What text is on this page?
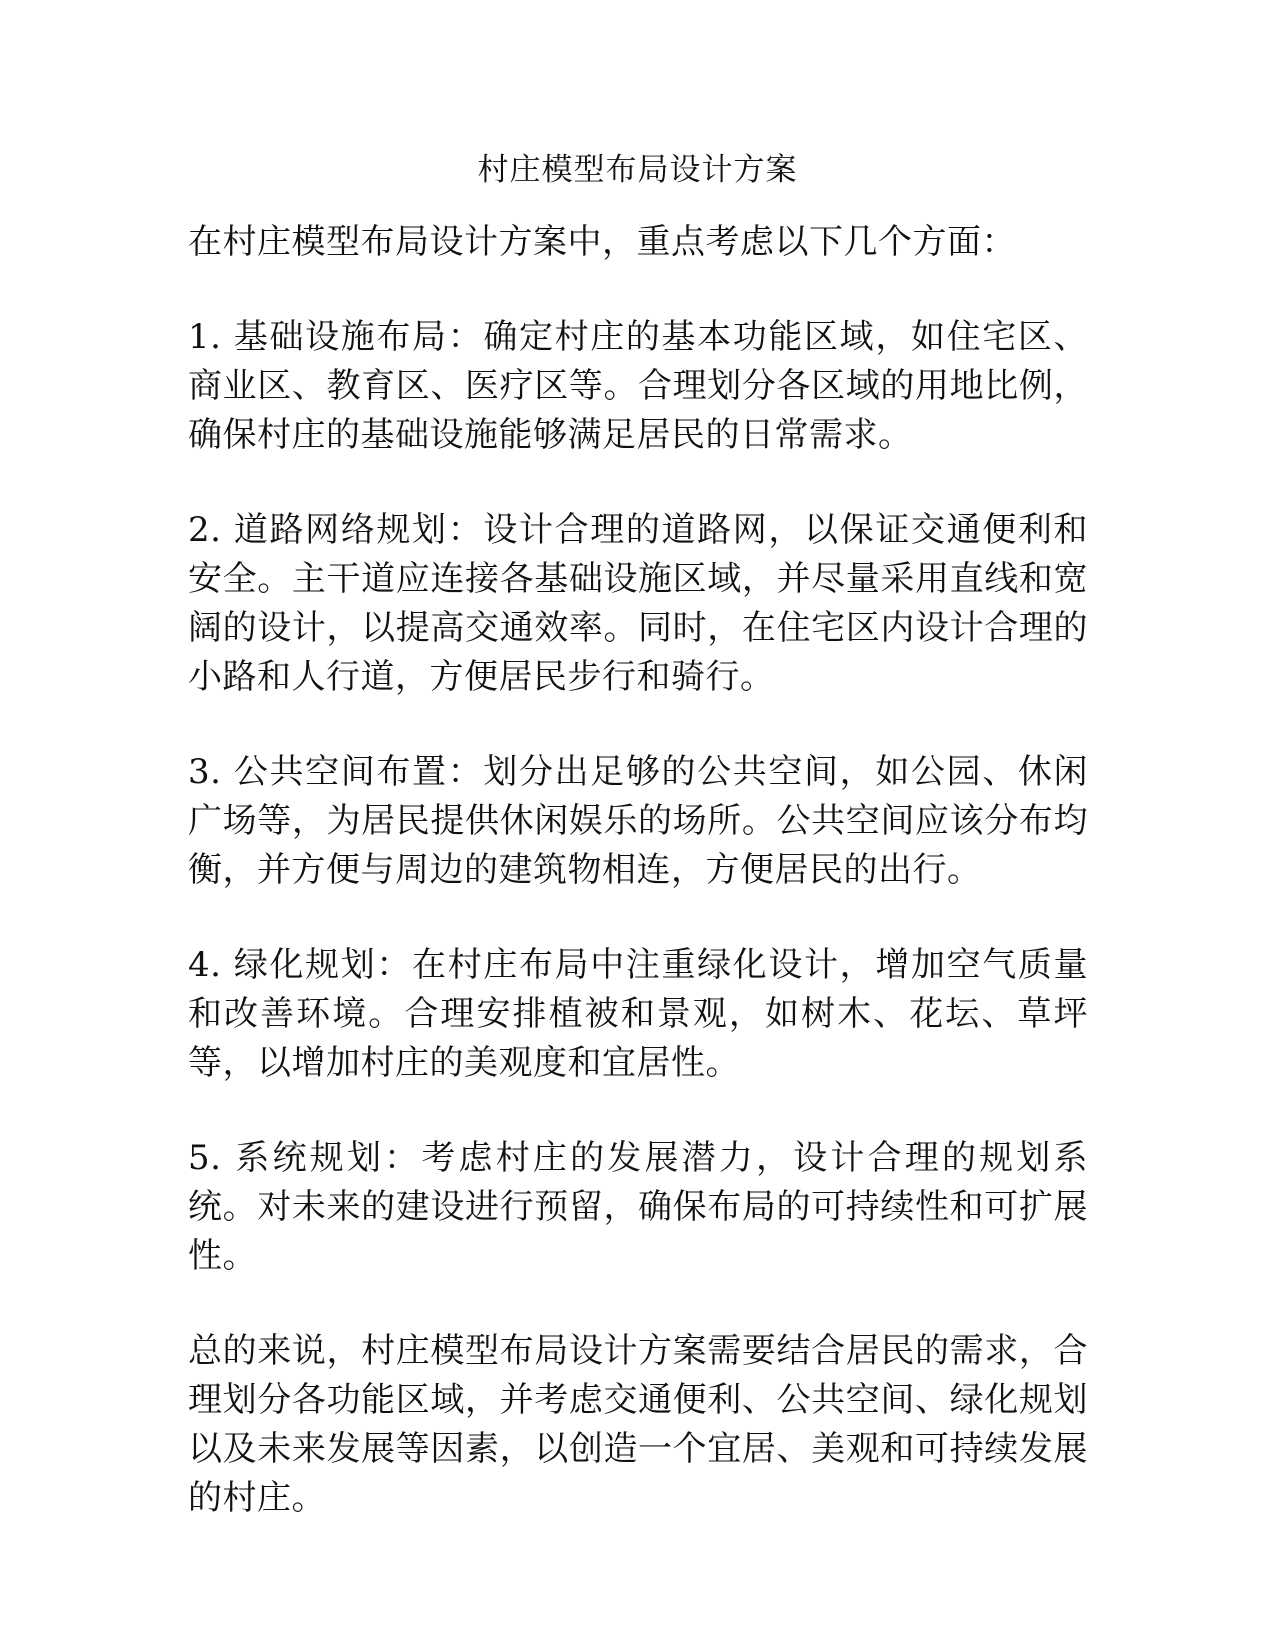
村庄模型布局设计方案

在村庄模型布局设计方案中，重点考虑以下几个方面：

1. 基础设施布局：确定村庄的基本功能区域，如住宅区、商业区、教育区、医疗区等。合理划分各区域的用地比例，确保村庄的基础设施能够满足居民的日常需求。

2. 道路网络规划：设计合理的道路网，以保证交通便利和安全。主干道应连接各基础设施区域，并尽量采用直线和宽阔的设计，以提高交通效率。同时，在住宅区内设计合理的小路和人行道，方便居民步行和骑行。

3. 公共空间布置：划分出足够的公共空间，如公园、休闲广场等，为居民提供休闲娱乐的场所。公共空间应该分布均衡，并方便与周边的建筑物相连，方便居民的出行。

4. 绿化规划：在村庄布局中注重绿化设计，增加空气质量和改善环境。合理安排植被和景观，如树木、花坛、草坪等，以增加村庄的美观度和宜居性。

5. 系统规划：考虑村庄的发展潜力，设计合理的规划系统。对未来的建设进行预留，确保布局的可持续性和可扩展性。

总的来说，村庄模型布局设计方案需要结合居民的需求，合理划分各功能区域，并考虑交通便利、公共空间、绿化规划以及未来发展等因素，以创造一个宜居、美观和可持续发展的村庄。
